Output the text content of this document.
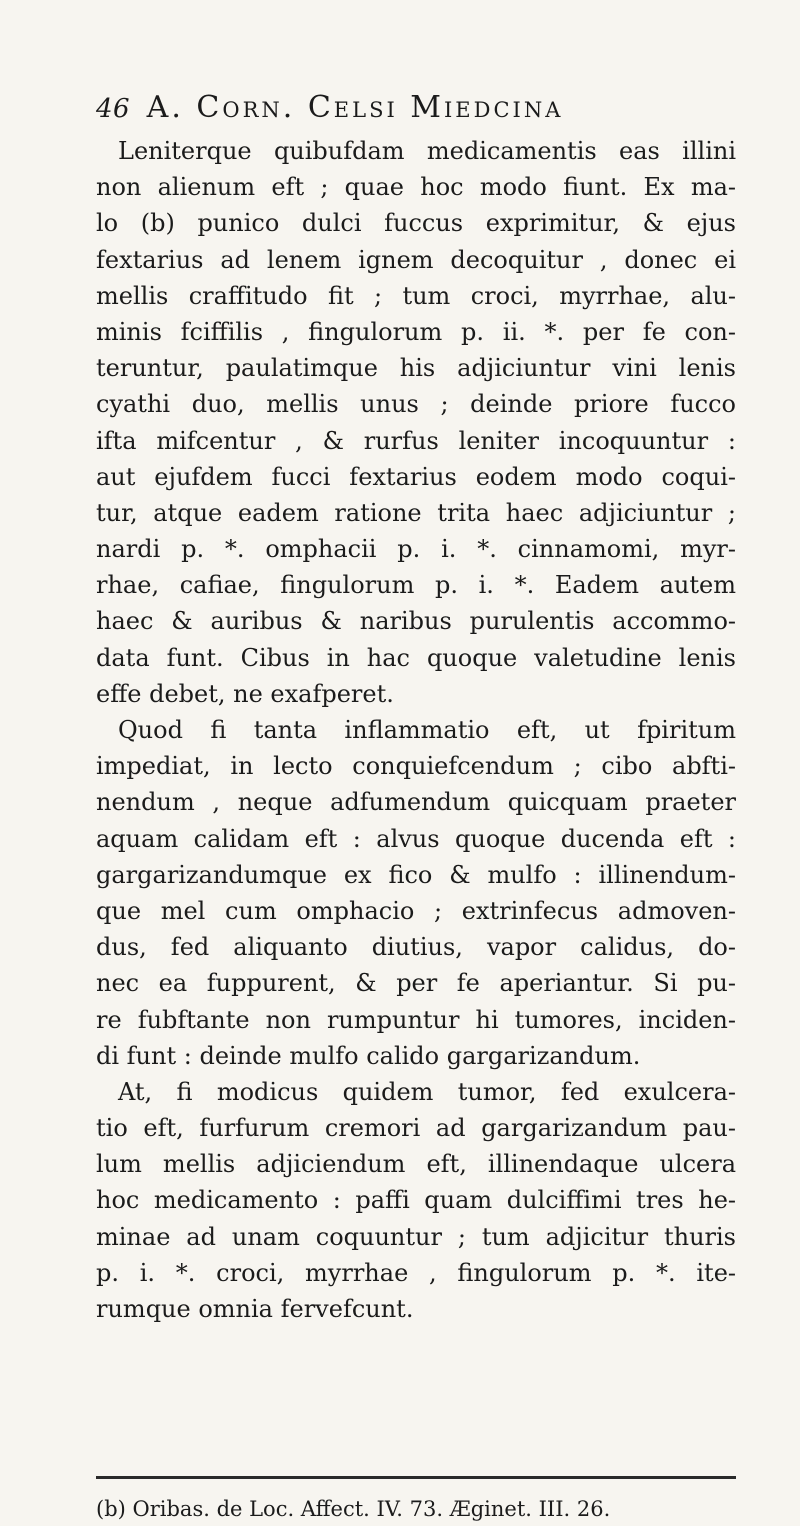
46 A. Corn. Celsi Miedcina
Leniterque quibufdam medicamentis eas illini
non alienum eft ; quae hoc modo fiunt. Ex ma-
lo (b) punico dulci fuccus exprimitur, & ejus
fextarius ad lenem ignem decoquitur , donec ei
mellis craffitudo fit ; tum croci, myrrhae, alu-
minis fciffilis , fingulorum p. ii. *. per fe con-
teruntur, paulatimque his adjiciuntur vini lenis
cyathi duo, mellis unus ; deinde priore fucco
ifta mifcentur , & rurfus leniter incoquuntur :
aut ejufdem fucci fextarius eodem modo coqui-
tur, atque eadem ratione trita haec adjiciuntur ;
nardi p. *. omphacii p. i. *. cinnamomi, myr-
rhae, cafiae, fingulorum p. i. *. Eadem autem
haec & auribus & naribus purulentis accommo-
data funt. Cibus in hac quoque valetudine lenis
effe debet, ne exafperet.
Quod fi tanta inflammatio eft, ut fpiritum
impediat, in lecto conquiefcendum ; cibo abfti-
nendum , neque adfumendum quicquam praeter
aquam calidam eft : alvus quoque ducenda eft :
gargarizandumque ex fico & mulfo : illinendum-
que mel cum omphacio ; extrinfecus admoven-
dus, fed aliquanto diutius, vapor calidus, do-
nec ea fuppurent, & per fe aperiantur. Si pu-
re fubftante non rumpuntur hi tumores, inciden-
di funt : deinde mulfo calido gargarizandum.
At, fi modicus quidem tumor, fed exulcera-
tio eft, furfurum cremori ad gargarizandum pau-
lum mellis adjiciendum eft, illinendaque ulcera
hoc medicamento : paffi quam dulciffimi tres he-
minae ad unam coquuntur ; tum adjicitur thuris
p. i. *. croci, myrrhae , fingulorum p. *. ite-
rumque omnia fervefcunt.
(b) Oribas. de Loc. Affect. IV. 73. Æginet. III. 26.
